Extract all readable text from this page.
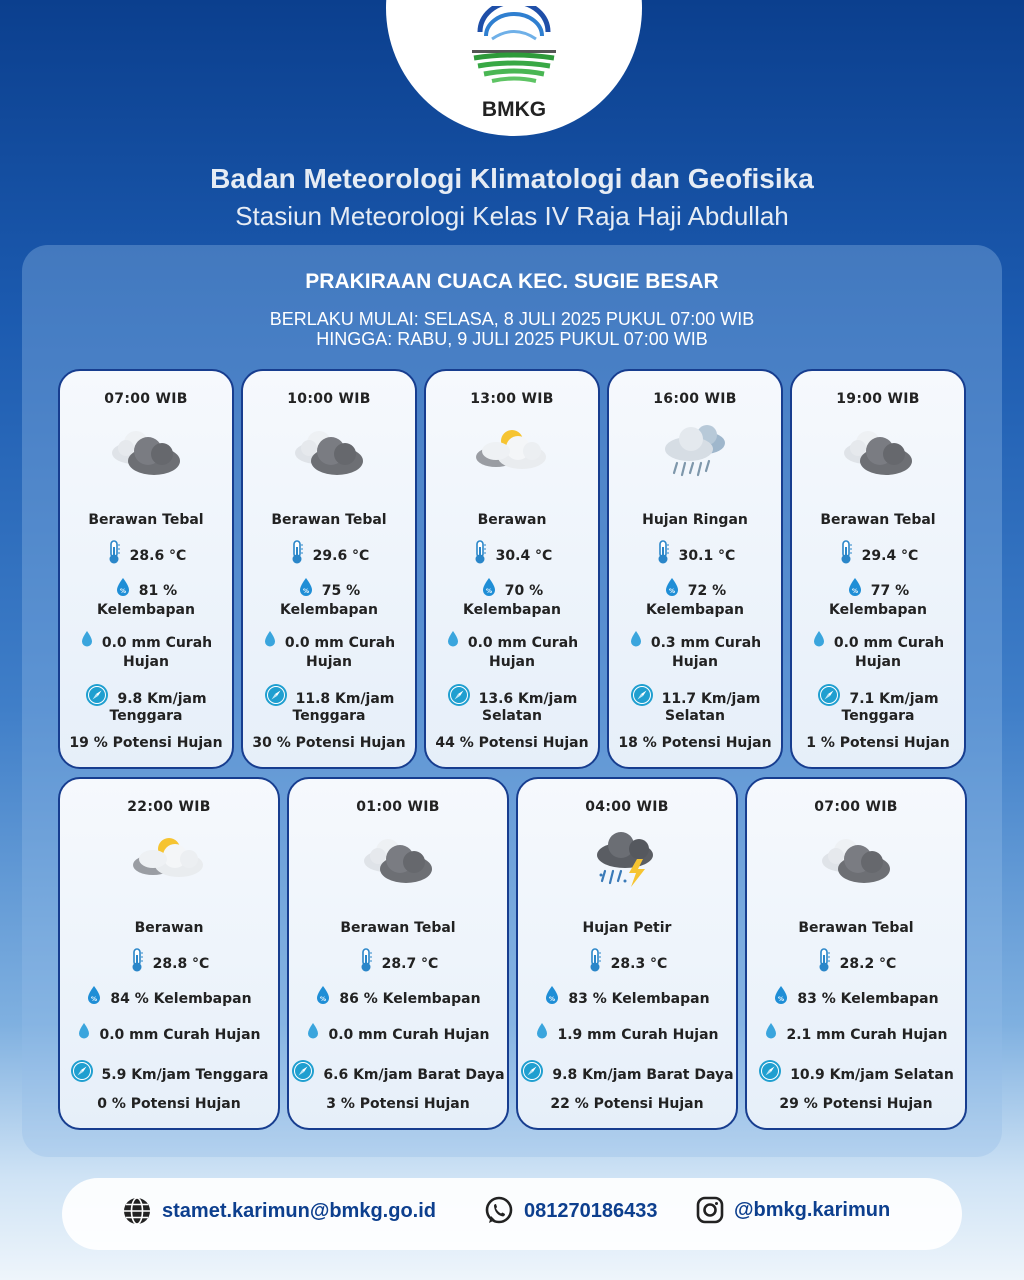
BMKG
Badan Meteorologi Klimatologi dan Geofisika
Stasiun Meteorologi Kelas IV Raja Haji Abdullah
PRAKIRAAN CUACA KEC. SUGIE BESAR
BERLAKU MULAI: SELASA, 8 JULI 2025 PUKUL 07:00 WIB
HINGGA: RABU, 9 JULI 2025 PUKUL 07:00 WIB
07:00 WIB
Berawan Tebal
28.6 °C
% 81 %
Kelembapan
0.0 mm Curah
Hujan
9.8 Km/jam
Tenggara
19 % Potensi Hujan
10:00 WIB
Berawan Tebal
29.6 °C
% 75 %
Kelembapan
0.0 mm Curah
Hujan
11.8 Km/jam
Tenggara
30 % Potensi Hujan
13:00 WIB
Berawan
30.4 °C
% 70 %
Kelembapan
0.0 mm Curah
Hujan
13.6 Km/jam
Selatan
44 % Potensi Hujan
16:00 WIB
Hujan Ringan
30.1 °C
% 72 %
Kelembapan
0.3 mm Curah
Hujan
11.7 Km/jam
Selatan
18 % Potensi Hujan
19:00 WIB
Berawan Tebal
29.4 °C
% 77 %
Kelembapan
0.0 mm Curah
Hujan
7.1 Km/jam
Tenggara
1 % Potensi Hujan
22:00 WIB
Berawan
28.8 °C
% 84 % Kelembapan
0.0 mm Curah Hujan
5.9 Km/jam Tenggara
0 % Potensi Hujan
01:00 WIB
Berawan Tebal
28.7 °C
% 86 % Kelembapan
0.0 mm Curah Hujan
6.6 Km/jam Barat Daya
3 % Potensi Hujan
04:00 WIB
Hujan Petir
28.3 °C
% 83 % Kelembapan
1.9 mm Curah Hujan
9.8 Km/jam Barat Daya
22 % Potensi Hujan
07:00 WIB
Berawan Tebal
28.2 °C
% 83 % Kelembapan
2.1 mm Curah Hujan
10.9 Km/jam Selatan
29 % Potensi Hujan
stamet.karimun@bmkg.go.id	081270186433	@bmkg.karimun
